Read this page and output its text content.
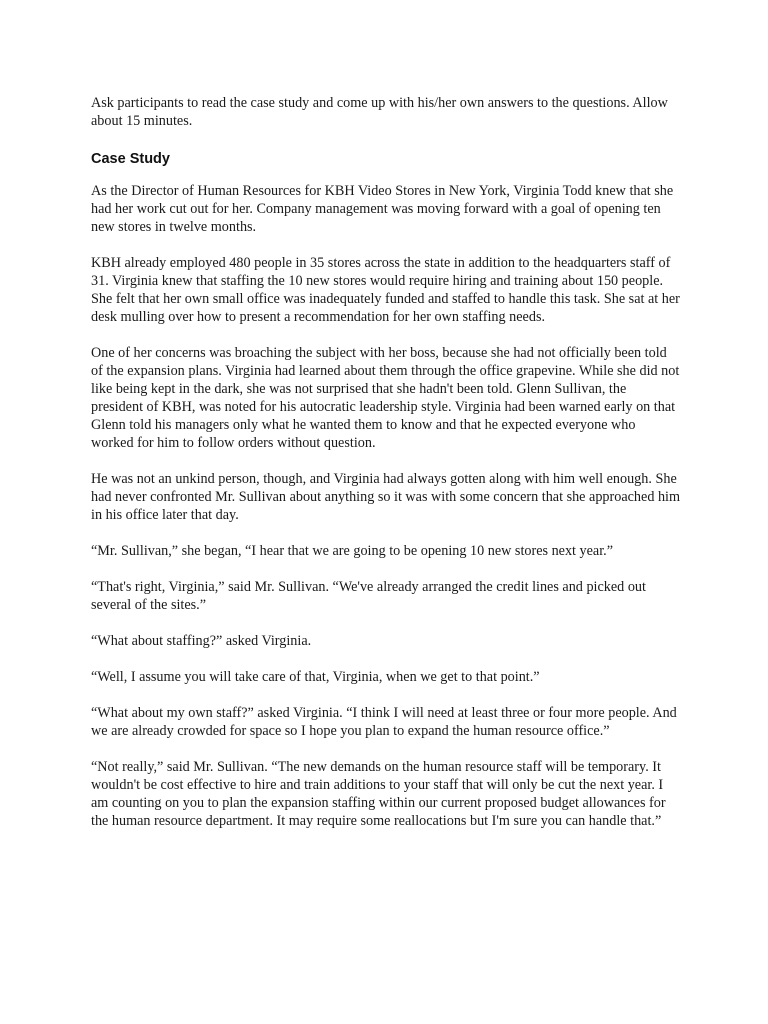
Ask participants to read the case study and come up with his/her own answers to the questions. Allow about 15 minutes.

Case Study

As the Director of Human Resources for KBH Video Stores in New York, Virginia Todd knew that she had her work cut out for her. Company management was moving forward with a goal of opening ten new stores in twelve months.

KBH already employed 480 people in 35 stores across the state in addition to the headquarters staff of 31. Virginia knew that staffing the 10 new stores would require hiring and training about 150 people. She felt that her own small office was inadequately funded and staffed to handle this task. She sat at her desk mulling over how to present a recommendation for her own staffing needs.

One of her concerns was broaching the subject with her boss, because she had not officially been told of the expansion plans. Virginia had learned about them through the office grapevine. While she did not like being kept in the dark, she was not surprised that she hadn't been told. Glenn Sullivan, the president of KBH, was noted for his autocratic leadership style. Virginia had been warned early on that Glenn told his managers only what he wanted them to know and that he expected everyone who worked for him to follow orders without question.

He was not an unkind person, though, and Virginia had always gotten along with him well enough. She had never confronted Mr. Sullivan about anything so it was with some concern that she approached him in his office later that day.

“Mr. Sullivan,” she began, “I hear that we are going to be opening 10 new stores next year.”

“That's right, Virginia,” said Mr. Sullivan. “We've already arranged the credit lines and picked out several of the sites.”

“What about staffing?” asked Virginia.

“Well, I assume you will take care of that, Virginia, when we get to that point.”

“What about my own staff?” asked Virginia. “I think I will need at least three or four more people. And we are already crowded for space so I hope you plan to expand the human resource office.”

“Not really,” said Mr. Sullivan. “The new demands on the human resource staff will be temporary. It wouldn't be cost effective to hire and train additions to your staff that will only be cut the next year. I am counting on you to plan the expansion staffing within our current proposed budget allowances for the human resource department. It may require some reallocations but I'm sure you can handle that.”
